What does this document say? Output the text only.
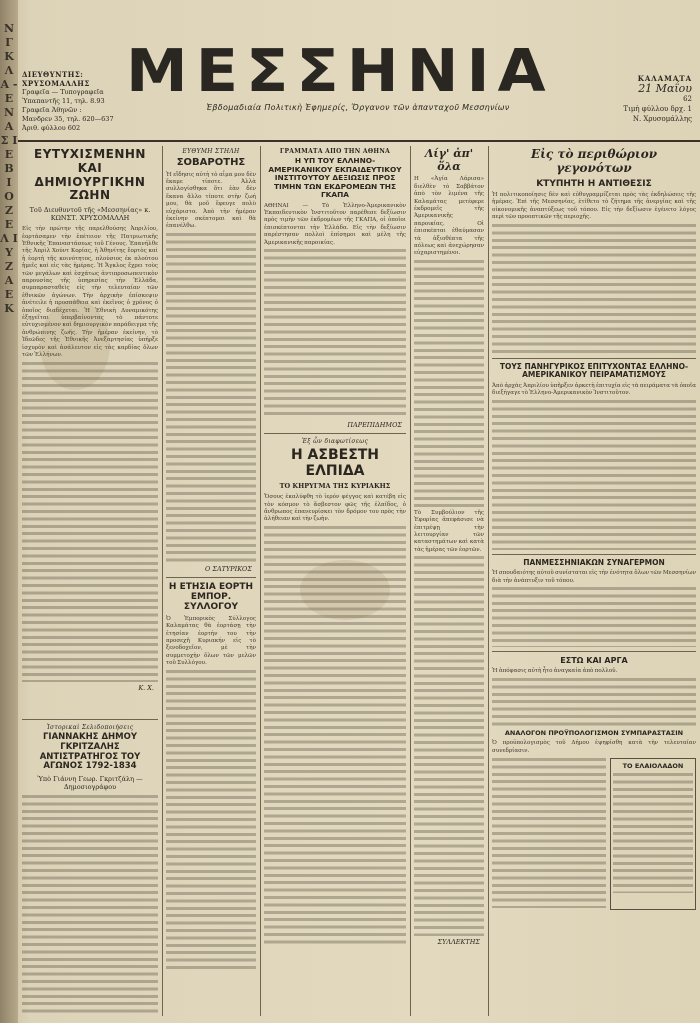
Ν Γ Κ Λ Α - Ε Ν Α Σ Ι Ε Β Ι Ο Ζ Ε Λ Ι Υ Ζ Α Ε Κ
ΔΙΕΥΘΥΝΤΗΣ:
ΧΡΥΣΟΜΑΛΛΗΣ
Γραφεῖα — Τυπογραφεῖα
Ὑπαπαντῆς 11, τηλ. 8.93
Γραφεῖα Ἀθηνῶν :
Μανδρεν 35, τηλ. 620—637
Ἀριθ. φύλλου 602
ΜΕΣΣΗΝΙΑ
Ἑβδομαδιαία Πολιτικὴ Ἐφημερίς, Ὄργανον τῶν ἁπανταχοῦ Μεσσηνίων
ΚΑΛΑΜΑΤΑ
21 Μαΐου
62
Τιμὴ φύλλου δρχ. 1
Ν. Χρυσομάλλης
ΕΥΤΥΧΙΣΜΕΝΗΝ ΚΑΙ ΔΗΜΙΟΥΡΓΙΚΗΝ ΖΩΗΝ
Τοῦ Διευθυντοῦ τῆς «Μεσσηνίας» κ. ΚΩΝΣΤ. ΧΡΥΣΟΜΑΛΛΗ
Εἰς τὴν πρώτην τῆς παρελθούσης Ἀπριλίου, ἐορτάσαμεν τὴν ἐπέτειον τῆς Πατριωτικῆς Ἐθνικῆς Ἐπαναστάσεως τοῦ Γένους. Ἐπανήλθε τῆς Ἀπρὶλ Χούντ Κορίας, ἡ Ἀθηνίτης ἔορτὸς καὶ ἡ ἑορτὴ τῆς κοινότητος, πλούσιος ἐκ πλούτου ἡμεῖς καὶ εἰς τὰς ἡμέρας. Ἡ Ἄγκλος ἔχρει τοὺς τῶν μεγάλων καὶ ἐσχάτως ἀντιπροσωπευτικὸν παρουσίας τῆς ὑπηρεσίας τὴν Ἑλλάδα, συμπαρασταθεὶς εἰς τὴν τελευταίαν τῶν ἐθνικῶν ἀγώνων. Τὴν ἀρχικὴν ἐπίσκεψιν ἀνέτειλε ἡ προσπάθεια καὶ ἐκεῖνος ὁ χρόνος ὁ ὁποῖος διαδέχεται. Ἡ Ἐθνικὴ Δυναμικότης ἐξηγεῖται ὑπερβαίνοντας τὸ πάντοτε εὐτυχισμένον καὶ δημιουργικὸν παράδειγμα τῆς ἀνθρώπινης ζωῆς. Τὴν ἡμέραν ἐκείνην, τὸ Ἰδεῶδες τῆς Ἐθνικῆς Ἀνεξαρτησίας ὑπήρξε ἰσχυρὸν καὶ ἀσάλευτον εἰς τὰς καρδίας ὅλων τῶν Ἑλλήνων.
Κ. Χ.
Ἱστορικαὶ Σελιδοποιήσεις
ΓΙΑΝΝΑΚΗΣ ΔΗΜΟΥ ΓΚΡΙΤΖΑΛΗΣ ΑΝΤΙΣΤΡΑΤΗΓΟΣ ΤΟΥ ΑΓΩΝΟΣ 1792-1834
Ὑπὸ Γιάννη Γεωρ. Γκριτζάλη — Δημοσιογράφου
ΕΥΘΥΜΗ ΣΤΗΛΗ
ΣΟΒΑΡΟΤΗΣ
Ἡ εἴδησις αὐτὴ τὸ αἷμα μου δὲν ἔκαμε τίποτε. Ἀλλὰ συλλογίσθηκα ὅτι ἐὰν δὲν ἔκανα ἄλλο τίποτε στὴν ζωή μου, θὰ μοῦ ἔφευγε πολὺ εὐχάριστα. Ἀπὸ τὴν ἡμέραν ἐκείνην σκέπτομαι καὶ θὰ ἐπανέλθω.
Ο ΣΑΤΥΡΙΚΟΣ
Η ΕΤΗΣΙΑ ΕΟΡΤΗ ΕΜΠΟΡ. ΣΥΛΛΟΓΟΥ
Ὁ Ἐμπορικὸς Σύλλογος Καλαμάτας θὰ ἑορτάσῃ τὴν ἐτησίαν ἑορτήν του τὴν προσεχῆ Κυριακήν εἰς τὸ ξενοδοχεῖον, μὲ τὴν συμμετοχὴν ὅλων τῶν μελῶν τοῦ Συλλόγου.
ΓΡΑΜΜΑΤΑ ΑΠΟ ΤΗΝ ΑΘΗΝΑ
Η ΥΠ ΤΟΥ ΕΛΛΗΝΟ-ΑΜΕΡΙΚΑΝΙΚΟΥ ΕΚΠΑΙΔΕΥΤΙΚΟΥ ΙΝΣΤΙΤΟΥΤΟΥ ΔΕΞΙΩΣΙΣ ΠΡΟΣ ΤΙΜΗΝ ΤΩΝ ΕΚΔΡΟΜΕΩΝ ΤΗΣ ΓΚΑΠΑ
ΑΘΗΝΑΙ — Τὸ Ἑλληνο-Ἀμερικανικὸν Ἐκπαιδευτικὸν Ἰνστιτοῦτον παρέθεσε δεξίωσιν πρὸς τιμὴν τῶν ἐκδρομέων τῆς ΓΚΑΠΑ, οἱ ὁποῖοι ἐπισκέπτονται τὴν Ἑλλάδα. Εἰς τὴν δεξίωσιν παρέστησαν πολλοὶ ἐπίσημοι καὶ μέλη τῆς Ἀμερικανικῆς παροικίας.
ΠΑΡΕΠΙΔΗΜΟΣ
Ἐξ ὧν διαφωτίσεως
Η ΑΣΒΕΣΤΗ ΕΛΠΙΔΑ
ΤΟ ΚΗΡΥΓΜΑ ΤΗΣ ΚΥΡΙΑΚΗΣ
Ὅσους ἐκαλύφθη τὸ ἱερόν φέγγος καὶ κατέβη εἰς τὸν κόσμον τὸ ἄσβεστον φῶς τῆς ἐλπίδος, ὁ ἄνθρωπος ἐπανευρίσκει τὸν δρόμον του πρὸς τὴν ἀλήθειαν καὶ τὴν ζωὴν.
Λίγ' ἀπ' ὅλα
Η «Ἀγία Λάρισα» διελθὲν τὸ Σαββάτον ἀπὸ τὸν λιμένα τῆς Καλαμάτας μετέφερε ἐκδρομεῖς τῆς Ἀμερικανικῆς παροικίας. Οἱ ἐπισκέπται ἐθαύμασαν τὰ ἀξιοθέατα τῆς πόλεως καὶ ἀνεχώρησαν εὐχαριστημένοι.
Τὸ Συμβούλιον τῆς Ἐφορίας ἀπεφάσισε νὰ ἐπιτρέψῃ τὴν λειτουργίαν τῶν καταστημάτων καὶ κατὰ τὰς ἡμέρας τῶν ἑορτῶν.
ΣΥΛΛΕΚΤΗΣ
Εἰς τὸ περιθώριον γεγονότων
ΚΤΥΠΗΤΗ Η ΑΝΤΙΘΕΣΙΣ
Ἡ πολιτικοποίησις δὲν καὶ εὐθυγραμμίζεται πρὸς τὰς ἐκδηλώσεις τῆς ἡμέρας. Ἐπὶ τῆς Μεσσηνίας, ἐτίθετο τὸ ζήτημα τῆς ἀνεργίας καὶ τῆς οἰκονομικῆς ἀναπτύξεως τοῦ τόπου. Εἰς τὴν δεξίωσιν ἐγένετο λόγος περὶ τῶν προοπτικῶν τῆς περιοχῆς.
ΤΟΥΣ ΠΑΝΗΓΥΡΙΚΟΣ ΕΠΙΤΥΧΟΝΤΑΣ ΕΛΛΗΝΟ-ΑΜΕΡΙΚΑΝΙΚΟΥ ΠΕΙΡΑΜΑΤΙΣΜΟΥΣ
Ἀπὸ ἀρχὰς Ἀπριλίου ὑπῆρξεν ἀρκετὴ ἐπιτυχία εἰς τὰ πειράματα τὰ ὁποῖα διεξήγαγε τὸ Ἑλληνο-Ἀμερικανικὸν Ἰνστιτοῦτον.
ΠΑΝΜΕΣΣΗΝΙΑΚΩΝ ΣΥΝΑΓΕΡΜΟΝ
Ἡ σπουδαιότης αὐτοῦ συνίσταται εἰς τὴν ἐνότητα ὅλων τῶν Μεσσηνίων διὰ τὴν ἀνάπτυξιν τοῦ τόπου.
ΕΣΤΩ ΚΑΙ ΑΡΓΑ
Ἡ ἀπόφασις αὐτὴ ἦτο ἀναγκαία ἀπὸ πολλοῦ.
ΑΝΑΛΟΓΟΝ ΠΡΟΫΠΟΛΟΓΙΣΜΟΝ ΣΥΜΠΑΡΑΣΤΑΣΙΝ
Ὁ προϋπολογισμὸς τοῦ Δήμου ἐψηφίσθη κατὰ τὴν τελευταίαν συνεδρίασιν.
ΤΟ ΕΛΑΙΟΛΑΔΟΝ
